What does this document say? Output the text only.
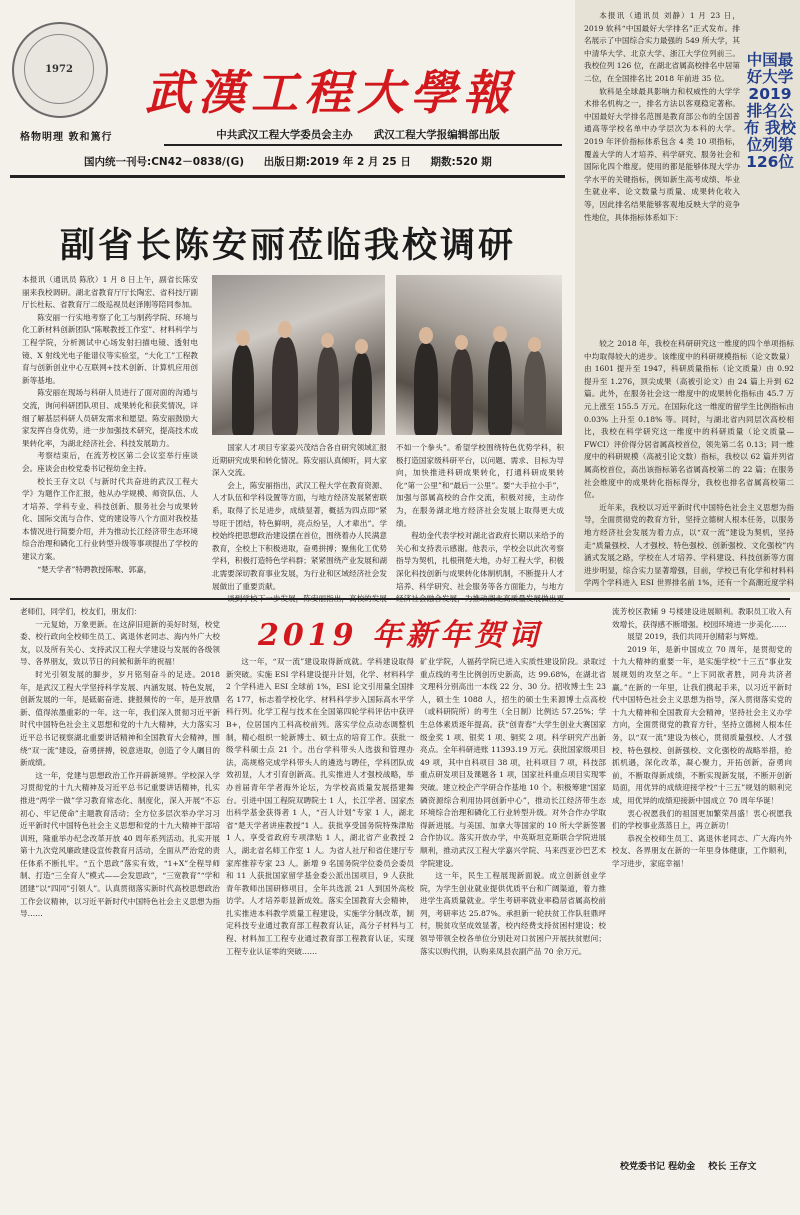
1972	武漢工程大學報
格物明理 敦和篤行	中共武汉工程大学委员会主办　　武汉工程大学报编辑部出版
国内统一刊号:CN42－0838/(G) 出版日期:2019 年 2 月 25 日 期数:520 期
副省长陈安丽莅临我校调研

本报讯（通讯员 陈欣）1 月 8 日上午，副省长陈安丽来我校调研。湖北省教育厅厅长陶宏、省科技厅副厅长杜耘、省教育厅二级巡视员赵泽刚等陪同参加。

陈安丽一行实地考察了化工与制药学院、环境与化工新材料创新团队“陈喉教授工作室”、材料科学与工程学院，分析测试中心场发射扫描电镜、透射电镜、X 射线光电子能谱仪等实验室，“大化工”工程教育与创新创业中心互联网+技术创新、计算机应用创新等基地。

陈安丽在现场与科研人员进行了面对面的沟通与交流，询问科研团队项目、成果转化和获奖情况，详细了解基层科研人员研发需求和愿望。陈安丽鼓励大家发挥自身优势，进一步加强技术研究，提高技术成果转化率，为湖北经济社会、科技发展助力。

考察结束后，在流芳校区第二会议室举行座谈会。座谈会由校党委书记程幼金主持。

校长王存文以《与新时代共奋进的武汉工程大学》为题作工作汇报，他从办学规模、师资队伍、人才培养、学科专业、科技创新、服务社会与成果转化、国际交流与合作、党的建设等八个方面对我校基本情况进行简要介绍，并为推动长江经济带生态环境综合治理和磷化工行业转型升级等事项提出了学校的建议方案。

“楚天学者”特聘教授陈喉、郭嘉，

国家人才项目专家姜兴茂结合各自研究领域汇报近期研究成果和转化情况。陈安丽认真倾听，同大家深入交流。

会上，陈安丽指出，武汉工程大学在教育资源、人才队伍和学科设置等方面，与地方经济发展紧密联系，取得了长足进步，成绩显著，概括为四点即“紧导旺于团结，特色鲜明，亮点纷呈，人才辈出”。学校始终把思想政治建设摆在首位，围绕着办人民满意教育，全校上下积极进取，奋勇拼搏；聚焦化工优势学科，积极打造特色学科群；紧紧围绕产业发展和湖北需要深切教育事业发展，为行业和区域经济社会发展做出了重要贡献。

不如一个拳头”。希望学校围绕特色优势学科，积极打造国家级科研平台，以问题、需求、目标为导向，加快推进科研成果转化，打通科研成果转化“第一公里”和“最后一公里”。要“大手拉小手”，加强与部属高校的合作交流，积极对接，主动作为，在服务湖北地方经济社会发展上取得更大成绩。

程幼金代表学校对湖北省政府长期以来给予的关心和支持表示感谢。他表示，学校会以此次考察指导为契机，扎根荆楚大地，办好工程大学，积极深化科技创新与成果转化体制机制，不断提升人才培养、科学研究、社会服务等各方面能力，与地方

本报讯（通讯员 刘静）1 月 23 日，2019 软科“中国最好大学排名”正式发布。排名展示了中国综合实力最强的 549 所大学，其中清华大学、北京大学、浙江大学位列前三。我校位列 126 位，在湖北省属高校排名中居第二位，在全国排名比 2018 年前进 35 位。

软科是全球最具影响力和权威性的大学学术排名机构之一，排名方法以客观稳定著称。中国最好大学排名范围是教育部公布的全国普通高等学校名单中办学层次为本科的大学。2019 年评价指标体系包含 4 类 10 项指标，覆盖大学的人才培养、科学研究、服务社会和国际化四个维度。使用的都是能够体现大学办学水平的关键指标，例如新生高考成绩、毕业生就业率、论文数量与质量、成果转化收入等，因此排名结果能够客观地反映大学的竞争性地位，具体指标体系如下：

中国最好大学2019排名公布 我校位列第126位

较之 2018 年，我校在科研研究这一维度的四个单项指标中均取得较大的进步。该维度中的科研规模指标（论文数量）由 1601 提升至 1947，科研质量指标（论文质量）由 0.92 提升至 1.276，顶尖成果（高被引论文）由 24 篇上升到 62 篇。此外，在服务社会这一维度中的成果转化指标由 45.7 万元上涨至 155.5 万元。在国际化这一维度的留学生比例指标由 0.03% 上升至 0.18% 等。同时，与湖北省内同层次高校相比，我校在科学研究这一维度中的科研质量（论文质量—FWCI）评价得分居省属高校首位，领先第二名 0.13；同一维度中的科研规模（高被引论文数）指标，我校以 62 篇并列省属高校首位，高出该指标第名省属高校第二的 22 篇；在服务社会维度中的成果转化指标得分，我校也排名省属高校第二位。

近年来，我校以习近平新时代中国特色社会主义思想为指导，全面贯彻党的教育方针，坚持立德树人根本任务，以服务地方经济社会发展为着力点，以“双一流”建设为契机，坚持走“质量强校、人才强校、特色强校、创新强校、文化强校”内涵式发展之路，学校在人才培养、学科建设、科技创新等方面进步明显，综合实力显著增强，目前，学校已有化学和材料科学两个学科进入 ESI 世界排名前 1%，还有一个高潮近度学科

2019 年新年贺词

老师们，同学们，校友们，朋友们：

一元复始，万象更新。在这辞旧迎新的美好时刻，校党委、校行政向全校师生员工、离退休老同志、海内外广大校友，以及所有关心、支持武汉工程大学建设与发展的各级领导、各界朋友，致以节日的问候和新年的祝福！

时光引领发展的脚步，岁月铭刻奋斗的足迹。2018 年，是武汉工程大学坚持科学发展、内涵发展、特色发展，创新发展的一年，是砥砺奋进、捷报频传的一年，是开放鼎新、值得浓墨重彩的一年。这一年，我们深入贯彻习近平新时代中国特色社会主义思想和党的十九大精神，大力落实习近平总书记视察湖北重要讲话精神和全国教育大会精神，围绕“双一流”建设，奋勇拼搏，锐意进取，创造了令人瞩目的新成绩。

这一年，党建与思想政治工作开辟新境界。学校深入学习贯彻党的十九大精神及习近平总书记重要讲话精神，扎实推进“两学一做”学习教育常态化、制度化，深入开展“不忘初心、牢记使命”主题教育活动；全方位多层次举办学习习近平新时代中国特色社会主义思想和党的十九大精神干部培训班，隆重举办纪念改革开放 40 周年系列活动。扎实开展第十九次党风廉政建设宣传教育月活动，全面从严治党的责任体系不断扎牢。“五个思政”落实有效，“1+X”全程导师制、打造“三全育人”模式——会发思政”，“三宽教育”“学和团建”以“四同”引领人”。认真贯彻落实新时代高校思想政治工作会议精神，以习近平新时代中国特色社会主义思想为指导……

这一年，“双一流”建设取得新成就。学科建设取得新突破。实施 ESI 学科建设提升计划，化学、材料科学 2 个学科进入 ESI 全球前 1%，ESI 论文引用量全国排名 177，标志着学校化学、材料科学步入国际高水平学科行列。化学工程与技术在全国第四轮学科评估中获评 B+，位居国内工科高校前列。落实学位点动态调整机制，精心组织一轮新博士、硕士点的培育工作。获批一级学科硕士点 21 个。出台学科带头人选拔和管理办法，高规格完成学科带头人的遴选与聘任，学科团队成效初显，人才引育创新高。扎实推进人才强校战略，举办首届青年学者海外论坛，为学校高质量发展搭建舞台。引进中国工程院双聘院士 1 人，长江学者、国家杰出科学基金获得者 1 人，“百人计划”专家 1 人，湖北省“楚天学者讲座教授”1 人。获批享受国务院特殊津贴 1 人，享受省政府专项津贴 1 人，湖北省产业教授 2 人，湖北省名师工作室 1 人。为省人社厅和省住建厅专家库推荐专家 23 人。新增 9 名国务院学位委员会委员和 11 人获批国家留学基金委公派出国项目，9 人获批青年教师出国研修项目，全年共选派 21 人到国外高校访学。人才培养彰显新成效。落实全国教育大会精神，扎实推进本科教学质量工程建设，实施学分制改革，制定科技专业通过教育部工程教育认证，高分子材料与工程、材料加工工程专业通过教育部工程教育认证，实现工程专业认证零的突破……

矿业学院，人福药学院已进入实质性建设阶段。录取过重点线的考生比例创历史新高，达 99.68%，在湖北省文理科分别高出一本线 22 分、30 分。招收博士生 23人，硕士生 1088 人，招生的硕士生来源博士点高校（或科研院所）的考生（全日制）比例达 57.25%；学生总体素质逐年提高。获“创青春”大学生创业大赛国家级金奖 1 项、银奖 1 项、铜奖 2 项。科学研究产出新亮点。全年科研进账 11393.19 万元。获批国家级项目 49 项，其中自科项目 38 项，社科项目 7 项，科技部重点研发项目及课题各 1 项，国家社科重点项目实现零突破。建立校企产学研合作基地 10 个。积极筹建“国家磷资源综合利用协同创新中心”，推动长江经济带生态环境综合治理和磷化工行业转型升级。对外合作办学取得新进展。与美国、加拿大等国家的 10 所大学新签署合作协议。落实开放办学，中英斯坦克斯联合学院进展顺利，推动武汉工程大学嘉兴学院、马来西亚沙巴艺术学院建设。

这一年，民生工程展现新面貌。成立创新创业学院，为学生创业就业提供优质平台和广阔渠道，着力推进学生高质量就业。学生考研率就业率稳居省属高校前列，考研率达 25.87%。承担新一轮扶贫工作队驻鼎坪村，脱贫攻坚成效显著，校内经费支持贫困村建设；校领导带领全校各单位分别赴对口贫困户开展扶贫慰问；落实以购代捐，认购来凤县农副产品 70 余万元。

流芳校区教辅 9 号楼建设进展顺利。教职员工收入有效增长，获得感不断增强。校园环境进一步美化……

展望 2019，我们共同开创精彩与辉煌。

2019 年，是新中国成立 70 周年，是贯彻党的十九大精神的重要一年，是实施学校“十三五”事业发展规划的攻坚之年。“上下同欲者胜，同舟共济者赢。”在新的一年里，让我们携起手来，以习近平新时代中国特色社会主义思想为指导，深入贯彻落实党的十九大精神和全国教育大会精神，坚持社会主义办学方向，全面贯彻党的教育方针，坚持立德树人根本任务，以“双一流”建设为核心，贯彻质量强校、人才强校、特色强校、创新强校、文化强校的战略举措，抢抓机遇，深化改革，凝心聚力，开拓创新，奋勇向前，不断取得新成绩，不断实现新发展，不断开创新局面，用优异的成绩迎接学校“十三五”规划的顺利完成，用优异的成绩迎接新中国成立 70 周年华诞！

衷心祝愿我们的祖国更加繁荣昌盛！衷心祝愿我们的学校事业蒸蒸日上，再立新功！

恭祝全校师生员工、离退休老同志、广大海内外校友、各界朋友在新的一年里身体健康，工作顺利，学习进步，家庭幸福！

校党委书记 程幼金 校长 王存文
